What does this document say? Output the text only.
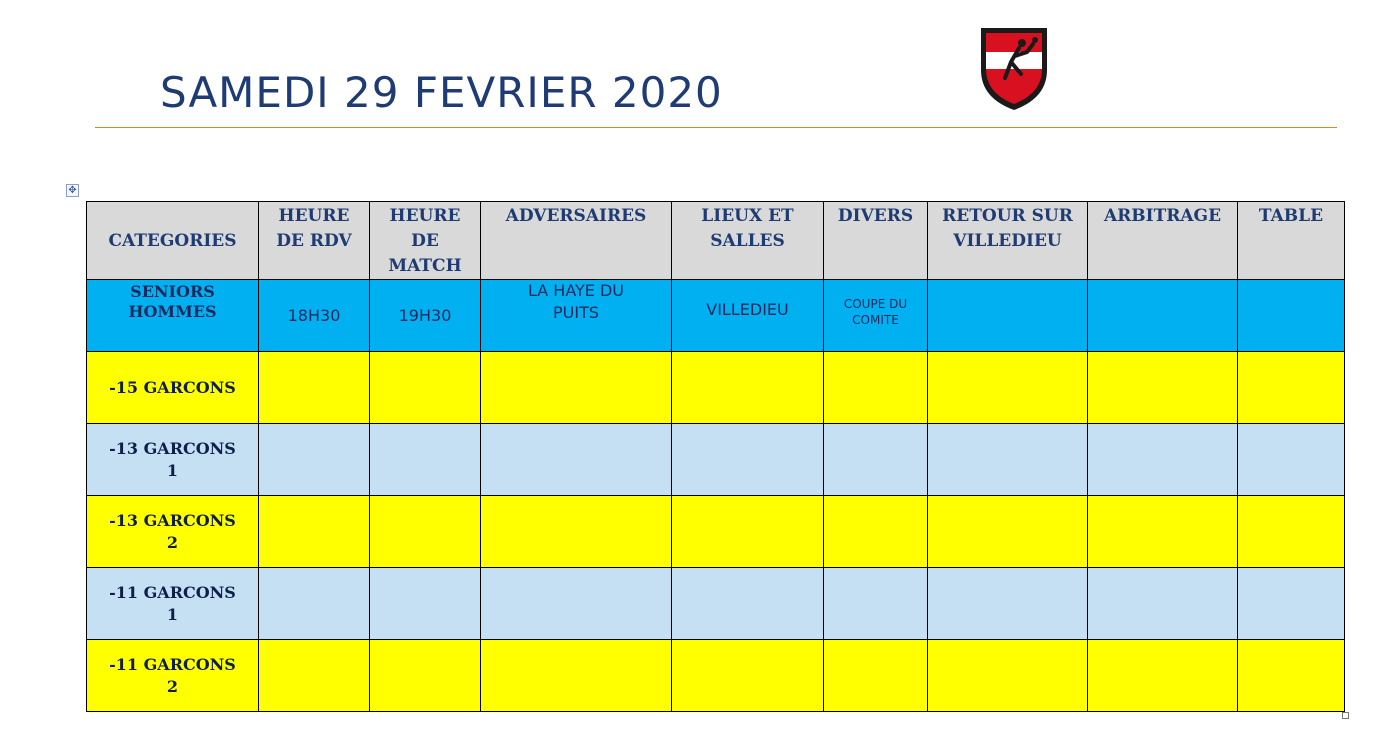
SAMEDI 29 FEVRIER 2020
✥
CATEGORIES	HEURE DE RDV	HEURE DE MATCH	ADVERSAIRES	LIEUX ET SALLES	DIVERS	RETOUR SUR VILLEDIEU	ARBITRAGE	TABLE
SENIORS HOMMES	18H30	19H30	LA HAYE DU PUITS	VILLEDIEU	COUPE DU COMITE			
-15 GARCONS								
-13 GARCONS 1								
-13 GARCONS 2								
-11 GARCONS 1								
-11 GARCONS 2								
